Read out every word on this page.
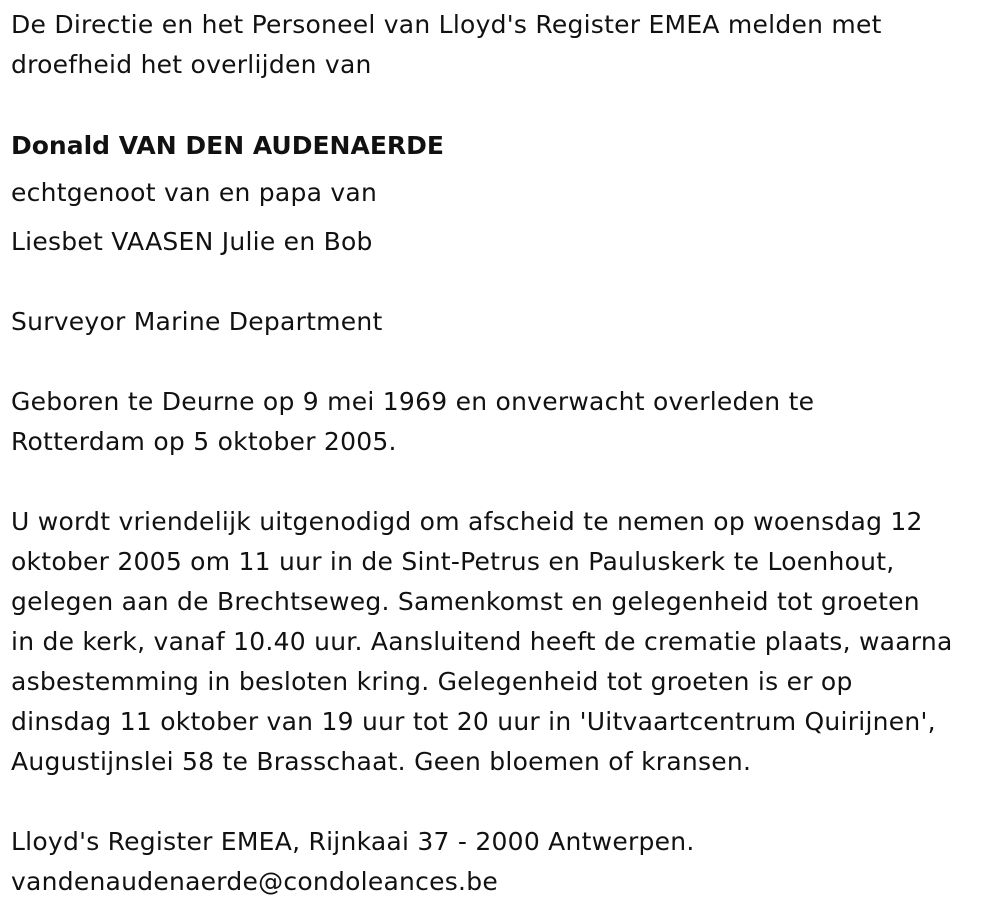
De Directie en het Personeel van Lloyd's Register EMEA melden met
droefheid het overlijden van
Donald VAN DEN AUDENAERDE
echtgenoot van en papa van
Liesbet VAASEN Julie en Bob
Surveyor Marine Department
Geboren te Deurne op 9 mei 1969 en onverwacht overleden te
Rotterdam op 5 oktober 2005.
U wordt vriendelijk uitgenodigd om afscheid te nemen op woensdag 12
oktober 2005 om 11 uur in de Sint-Petrus en Pauluskerk te Loenhout,
gelegen aan de Brechtseweg. Samenkomst en gelegenheid tot groeten
in de kerk, vanaf 10.40 uur. Aansluitend heeft de crematie plaats, waarna
asbestemming in besloten kring. Gelegenheid tot groeten is er op
dinsdag 11 oktober van 19 uur tot 20 uur in 'Uitvaartcentrum Quirijnen',
Augustijnslei 58 te Brasschaat. Geen bloemen of kransen.
Lloyd's Register EMEA, Rijnkaai 37 - 2000 Antwerpen.
vandenaudenaerde@condoleances.be
